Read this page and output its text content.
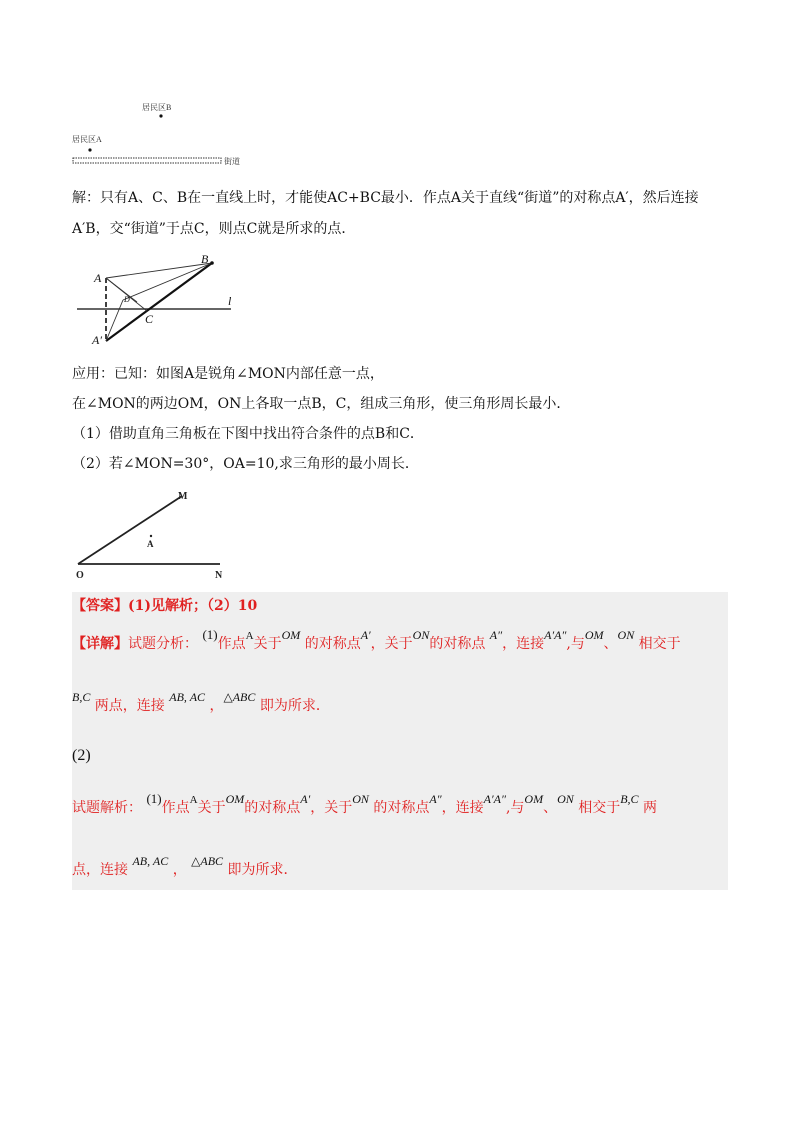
居民区B
居民区A
街道
解：只有A、C、B在一直线上时，才能使AC+BC最小．作点A关于直线“街道”的对称点A′，然后连接
A′B，交“街道”于点C，则点C就是所求的点．
A
B
D
C
l
A′
应用：已知：如图A是锐角∠MON内部任意一点，
在∠MON的两边OM，ON上各取一点B，C，组成三角形，使三角形周长最小．
（1）借助直角三角板在下图中找出符合条件的点B和C．
（2）若∠MON=30°，OA=10,求三角形的最小周长．
O	N
M
A
【答案】(1)见解析；（2）10
【详解】试题分析： (1)作点$^A$关于OM 的对称点A′，关于ON的对称点 A″，连接A′A″,与OM、ON 相交于
B,C 两点，连接 AB, AC ，△ABC 即为所求．
(2)
试题解析： (1)作点$^A$关于OM的对称点A′，关于ON 的对称点A″，连接A′A″,与OM、ON 相交于B,C 两
点，连接 AB, AC ， △ABC 即为所求．
